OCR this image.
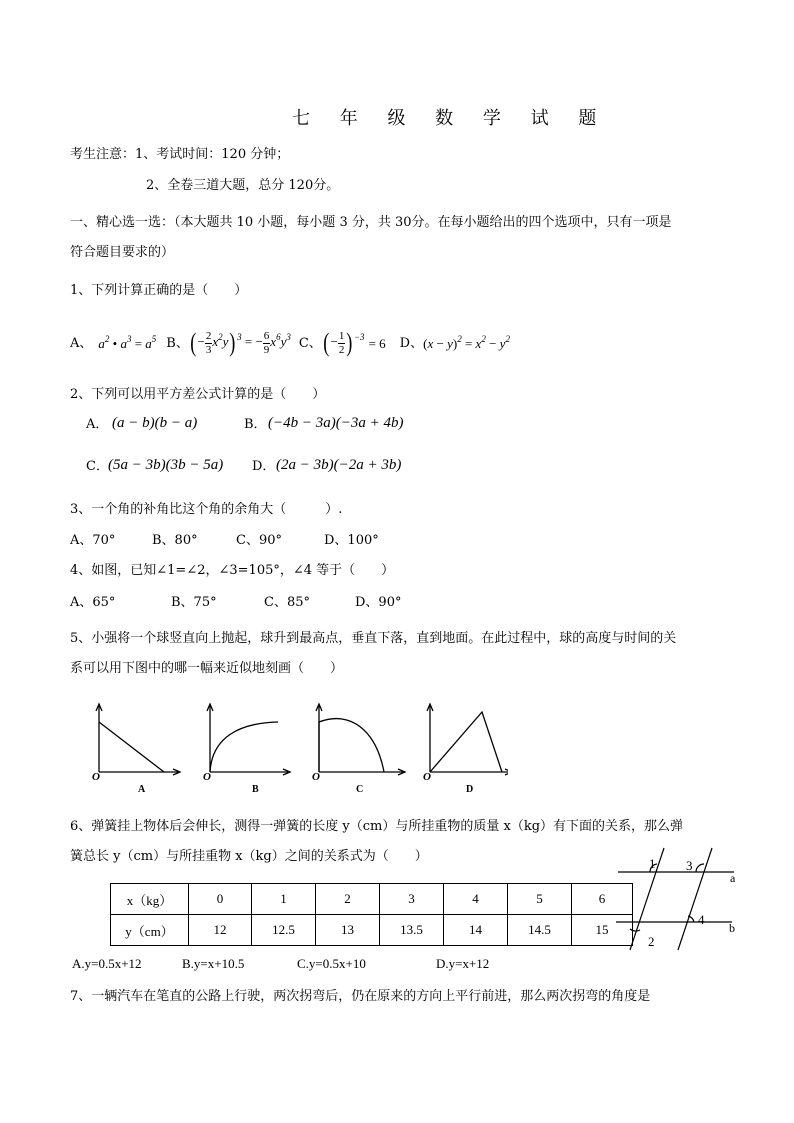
七 年 级 数 学 试 题
考生注意：1、考试时间：120 分钟；
2、全卷三道大题，总分 120分。
一、精心选一选：（本大题共 10 小题，每小题 3 分，共 30分。在每小题给出的四个选项中，只有一项是
符合题目要求的）
1、下列计算正确的是（　　）
A、 $a^2$ • $a^3 = a^5$ B、 (− $\frac{2}{3} x^2y)^3$ = − $\frac{6}{9} x^6y^3$ C、 (− $\frac{1}{2} )^{-3} = 6$ D、 $(x - y)^2 = x^2 - y^2$
2、下列可以用平方差公式计算的是（　　）
A． (a − b)(b − a)	B． (−4b − 3a)(−3a + 4b)
C． (5a − 3b)(3b − 5a) D． (2a − 3b)(−2a + 3b)
3、一个角的补角比这个角的余角大（　　　）.
A、70°	B、80°	C、90°	D、100°
4、如图，已知∠1=∠2，∠3=105°，∠4 等于（　　）
A、65°	B、75°	C、85°	D、90°
5、小强将一个球竖直向上抛起，球升到最高点，垂直下落，直到地面。在此过程中，球的高度与时间的关
系可以用下图中的哪一幅来近似地刻画（　　）
O	O	O	O
A	B	C	D
6、弹簧挂上物体后会伸长，测得一弹簧的长度 y（cm）与所挂重物的质量 x（kg）有下面的关系，那么弹
簧总长 y（cm）与所挂重物 x（kg）之间的关系式为（　　）
x（kg）	0	1	2	3	4	5	6
y（cm）	12	12.5	13	13.5	14	14.5	15
1 3
2
4
a
b
A.y=0.5x+12	B.y=x+10.5	C.y=0.5x+10	D.y=x+12
7、一辆汽车在笔直的公路上行驶，两次拐弯后，仍在原来的方向上平行前进，那么两次拐弯的角度是
